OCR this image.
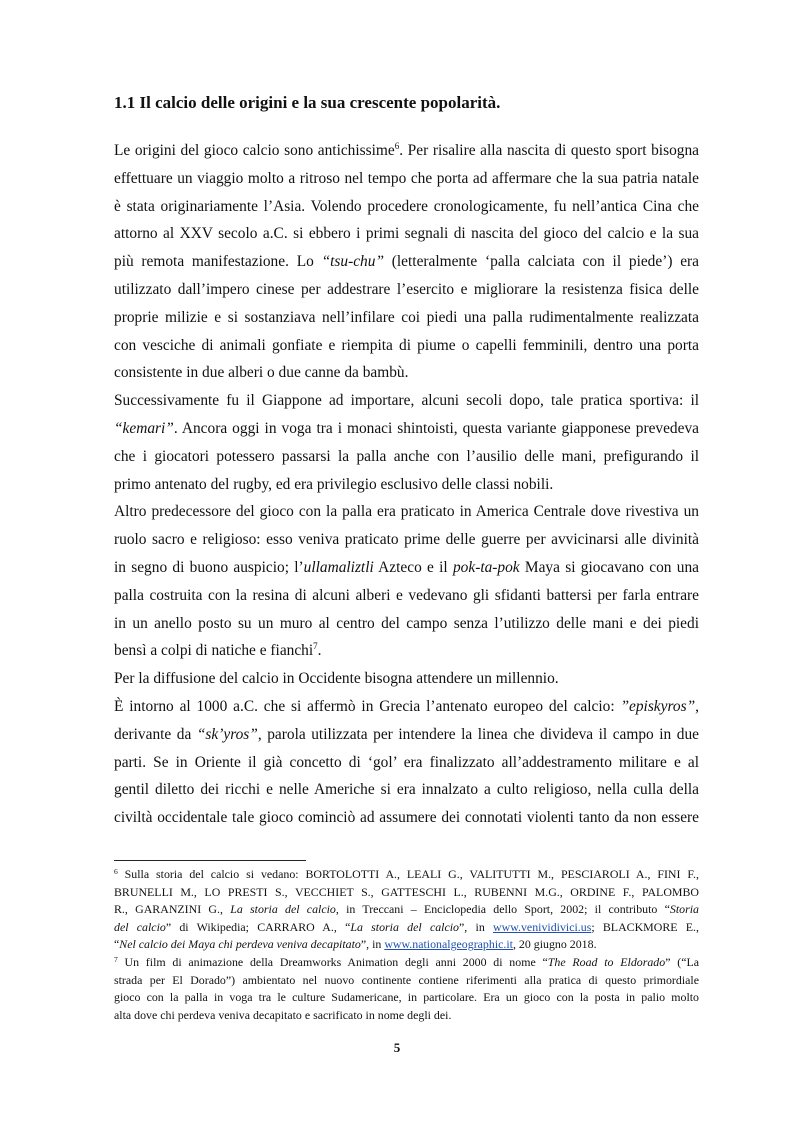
1.1 Il calcio delle origini e la sua crescente popolarità.
Le origini del gioco calcio sono antichissime$^6$. Per risalire alla nascita di questo sport bisogna
effettuare un viaggio molto a ritroso nel tempo che porta ad affermare che la sua patria natale
è stata originariamente l’Asia. Volendo procedere cronologicamente, fu nell’antica Cina che
attorno al XXV secolo a.C. si ebbero i primi segnali di nascita del gioco del calcio e la sua
più remota manifestazione. Lo “tsu-chu” (letteralmente ‘palla calciata con il piede’) era
utilizzato dall’impero cinese per addestrare l’esercito e migliorare la resistenza fisica delle
proprie milizie e si sostanziava nell’infilare coi piedi una palla rudimentalmente realizzata
con vesciche di animali gonfiate e riempita di piume o capelli femminili, dentro una porta
consistente in due alberi o due canne da bambù.
Successivamente fu il Giappone ad importare, alcuni secoli dopo, tale pratica sportiva: il
“kemari”. Ancora oggi in voga tra i monaci shintoisti, questa variante giapponese prevedeva
che i giocatori potessero passarsi la palla anche con l’ausilio delle mani, prefigurando il
primo antenato del rugby, ed era privilegio esclusivo delle classi nobili.
Altro predecessore del gioco con la palla era praticato in America Centrale dove rivestiva un
ruolo sacro e religioso: esso veniva praticato prime delle guerre per avvicinarsi alle divinità
in segno di buono auspicio; l’ullamaliztli Azteco e il pok-ta-pok Maya si giocavano con una
palla costruita con la resina di alcuni alberi e vedevano gli sfidanti battersi per farla entrare
in un anello posto su un muro al centro del campo senza l’utilizzo delle mani e dei piedi
bensì a colpi di natiche e fianchi$^7$.
Per la diffusione del calcio in Occidente bisogna attendere un millennio.
È intorno al 1000 a.C. che si affermò in Grecia l’antenato europeo del calcio: ”episkyros”,
derivante da “sk’yros”, parola utilizzata per intendere la linea che divideva il campo in due
parti. Se in Oriente il già concetto di ‘gol’ era finalizzato all’addestramento militare e al
gentil diletto dei ricchi e nelle Americhe si era innalzato a culto religioso, nella culla della
civiltà occidentale tale gioco cominciò ad assumere dei connotati violenti tanto da non essere
$^6$ Sulla storia del calcio si vedano: BORTOLOTTI A., LEALI G., VALITUTTI M., PESCIAROLI A., FINI F.,
BRUNELLI M., LO PRESTI S., VECCHIET S., GATTESCHI L., RUBENNI M.G., ORDINE F., PALOMBO
R., GARANZINI G., La storia del calcio, in Treccani – Enciclopedia dello Sport, 2002; il contributo “Storia
del calcio” di Wikipedia; CARRARO A., “La storia del calcio”, in www.venividivici.us; BLACKMORE E.,
“Nel calcio dei Maya chi perdeva veniva decapitato”, in www.nationalgeographic.it, 20 giugno 2018.
$^7$ Un film di animazione della Dreamworks Animation degli anni 2000 di nome “The Road to Eldorado” (“La
strada per El Dorado”) ambientato nel nuovo continente contiene riferimenti alla pratica di questo primordiale
gioco con la palla in voga tra le culture Sudamericane, in particolare. Era un gioco con la posta in palio molto
alta dove chi perdeva veniva decapitato e sacrificato in nome degli dei.
5
